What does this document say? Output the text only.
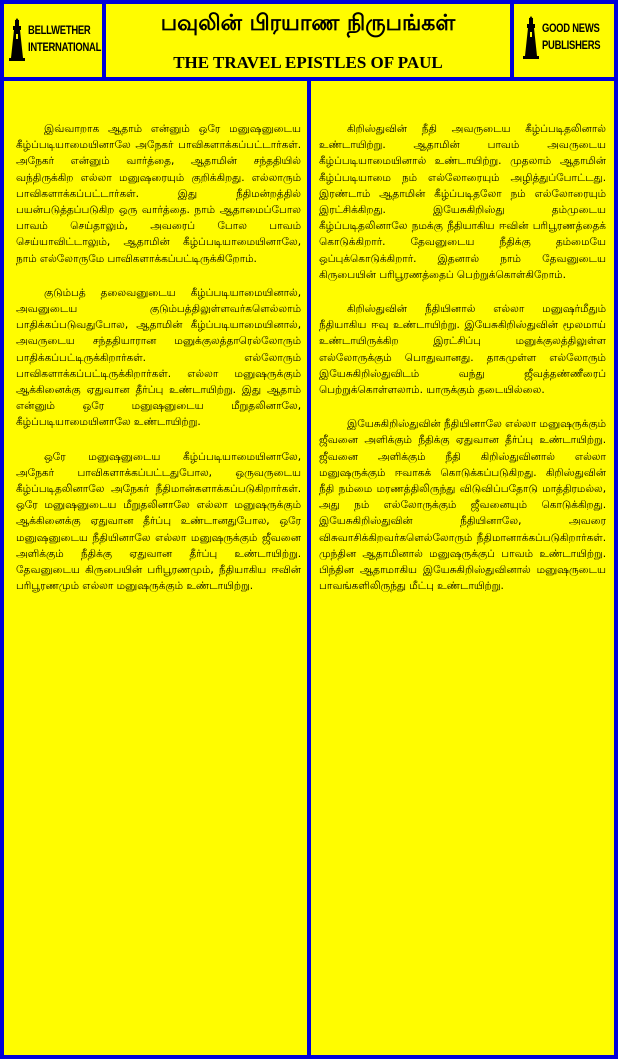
BELLWETHER
INTERNATIONAL
பவுலின் பிரயாண நிருபங்கள்
THE TRAVEL EPISTLES OF PAUL
GOOD NEWS
PUBLISHERS

இவ்வாறாக ஆதாம் என்னும் ஒரே மனுஷனுடைய கீழ்ப்படியாமையினாலே அநேகர் பாவிகளாக்கப்பட்டார்கள். அநேகர் என்னும் வார்த்தை, ஆதாமின் சந்ததியில் வந்திருக்கிற எல்லா மனுஷரையும் குறிக்கிறது. எல்லாரும் பாவிகளாக்கப்பட்டார்கள். இது நீதிமன்றத்தில் பயன்படுத்தப்படுகிற ஒரு வார்த்தை. நாம் ஆதாமைப்போல பாவம் செய்தாலும், அவரைப் போல பாவம் செய்யாவிட்டாலும், ஆதாமின் கீழ்ப்படியாமையினாலே, நாம் எல்லோருமே பாவிகளாக்கப்பட்டிருக்கிறோம்.

குடும்பத் தலைவனுடைய கீழ்ப்படியாமையினால், அவனுடைய குடும்பத்திலுள்ளவர்களெல்லாம் பாதிக்கப்படுவதுபோல, ஆதாமின் கீழ்ப்படியாமையினால், அவருடைய சந்ததியாரான மனுக்குலத்தாரெல்லோரும் பாதிக்கப்பட்டிருக்கிறார்கள். எல்லோரும் பாவிகளாக்கப்பட்டிருக்கிறார்கள். எல்லா மனுஷருக்கும் ஆக்கினைக்கு ஏதுவான தீர்ப்பு உண்டாயிற்று. இது ஆதாம் என்னும் ஒரே மனுஷனுடைய மீறுதலினாலே, கீழ்ப்படியாமையினாலே உண்டாயிற்று.

ஒரே மனுஷனுடைய கீழ்ப்படியாமையினாலே, அநேகர் பாவிகளாக்கப்பட்டதுபோல, ஒருவருடைய கீழ்ப்படிதலினாலே அநேகர் நீதிமான்களாக்கப்படுகிறார்கள். ஒரே மனுஷனுடைய மீறுதலினாலே எல்லா மனுஷருக்கும் ஆக்கினைக்கு ஏதுவான தீர்ப்பு உண்டானதுபோல, ஒரே மனுஷனுடைய நீதியினாலே எல்லா மனுஷருக்கும் ஜீவனை அளிக்கும் நீதிக்கு ஏதுவான தீர்ப்பு உண்டாயிற்று. தேவனுடைய கிருபையின் பரிபூரணமும், நீதியாகிய ஈவின் பரிபூரணமும் எல்லா மனுஷருக்கும் உண்டாயிற்று.

கிறிஸ்துவின் நீதி அவருடைய கீழ்ப்படிதலினால் உண்டாயிற்று. ஆதாமின் பாவம் அவருடைய கீழ்ப்படியாமையினால் உண்டாயிற்று. முதலாம் ஆதாமின் கீழ்ப்படியாமை நம் எல்லோரையும் அழித்துப்போட்டது. இரண்டாம் ஆதாமின் கீழ்ப்படிதலோ நம் எல்லோரையும் இரட்சிக்கிறது. இயேசுகிறிஸ்து தம்முடைய கீழ்ப்படிதலினாலே நமக்கு நீதியாகிய ஈவின் பரிபூரணத்தைக் கொடுக்கிறார். தேவனுடைய நீதிக்கு தம்மையே ஒப்புக்கொடுக்கிறார். இதனால் நாம் தேவனுடைய கிருபையின் பரிபூரணத்தைப் பெற்றுக்கொள்கிறோம்.

கிறிஸ்துவின் நீதியினால் எல்லா மனுஷர்மீதும் நீதியாகிய ஈவு உண்டாயிற்று. இயேசுகிறிஸ்துவின் மூலமாய் உண்டாயிருக்கிற இரட்சிப்பு மனுக்குலத்திலுள்ள எல்லோருக்கும் பொதுவானது. தாகமுள்ள எல்லோரும் இயேசுகிறிஸ்துவிடம் வந்து ஜீவத்தண்ணீரைப் பெற்றுக்கொள்ளலாம். யாருக்கும் தடையில்லை.

இயேசுகிறிஸ்துவின் நீதியினாலே எல்லா மனுஷருக்கும் ஜீவனை அளிக்கும் நீதிக்கு ஏதுவான தீர்ப்பு உண்டாயிற்று. ஜீவனை அளிக்கும் நீதி கிறிஸ்துவினால் எல்லா மனுஷருக்கும் ஈவாகக் கொடுக்கப்படுகிறது. கிறிஸ்துவின் நீதி நம்மை மரணத்திலிருந்து விடுவிப்பதோடு மாத்திரமல்ல, அது நம் எல்லோருக்கும் ஜீவனையும் கொடுக்கிறது. இயேசுகிறிஸ்துவின் நீதியினாலே, அவரை விசுவாசிக்கிறவர்களெல்லோரும் நீதிமானாக்கப்படுகிறார்கள். முந்தின ஆதாமினால் மனுஷருக்குப் பாவம் உண்டாயிற்று. பிந்தின ஆதாமாகிய இயேசுகிறிஸ்துவினால் மனுஷருடைய பாவங்களிலிருந்து மீட்பு உண்டாயிற்று.
